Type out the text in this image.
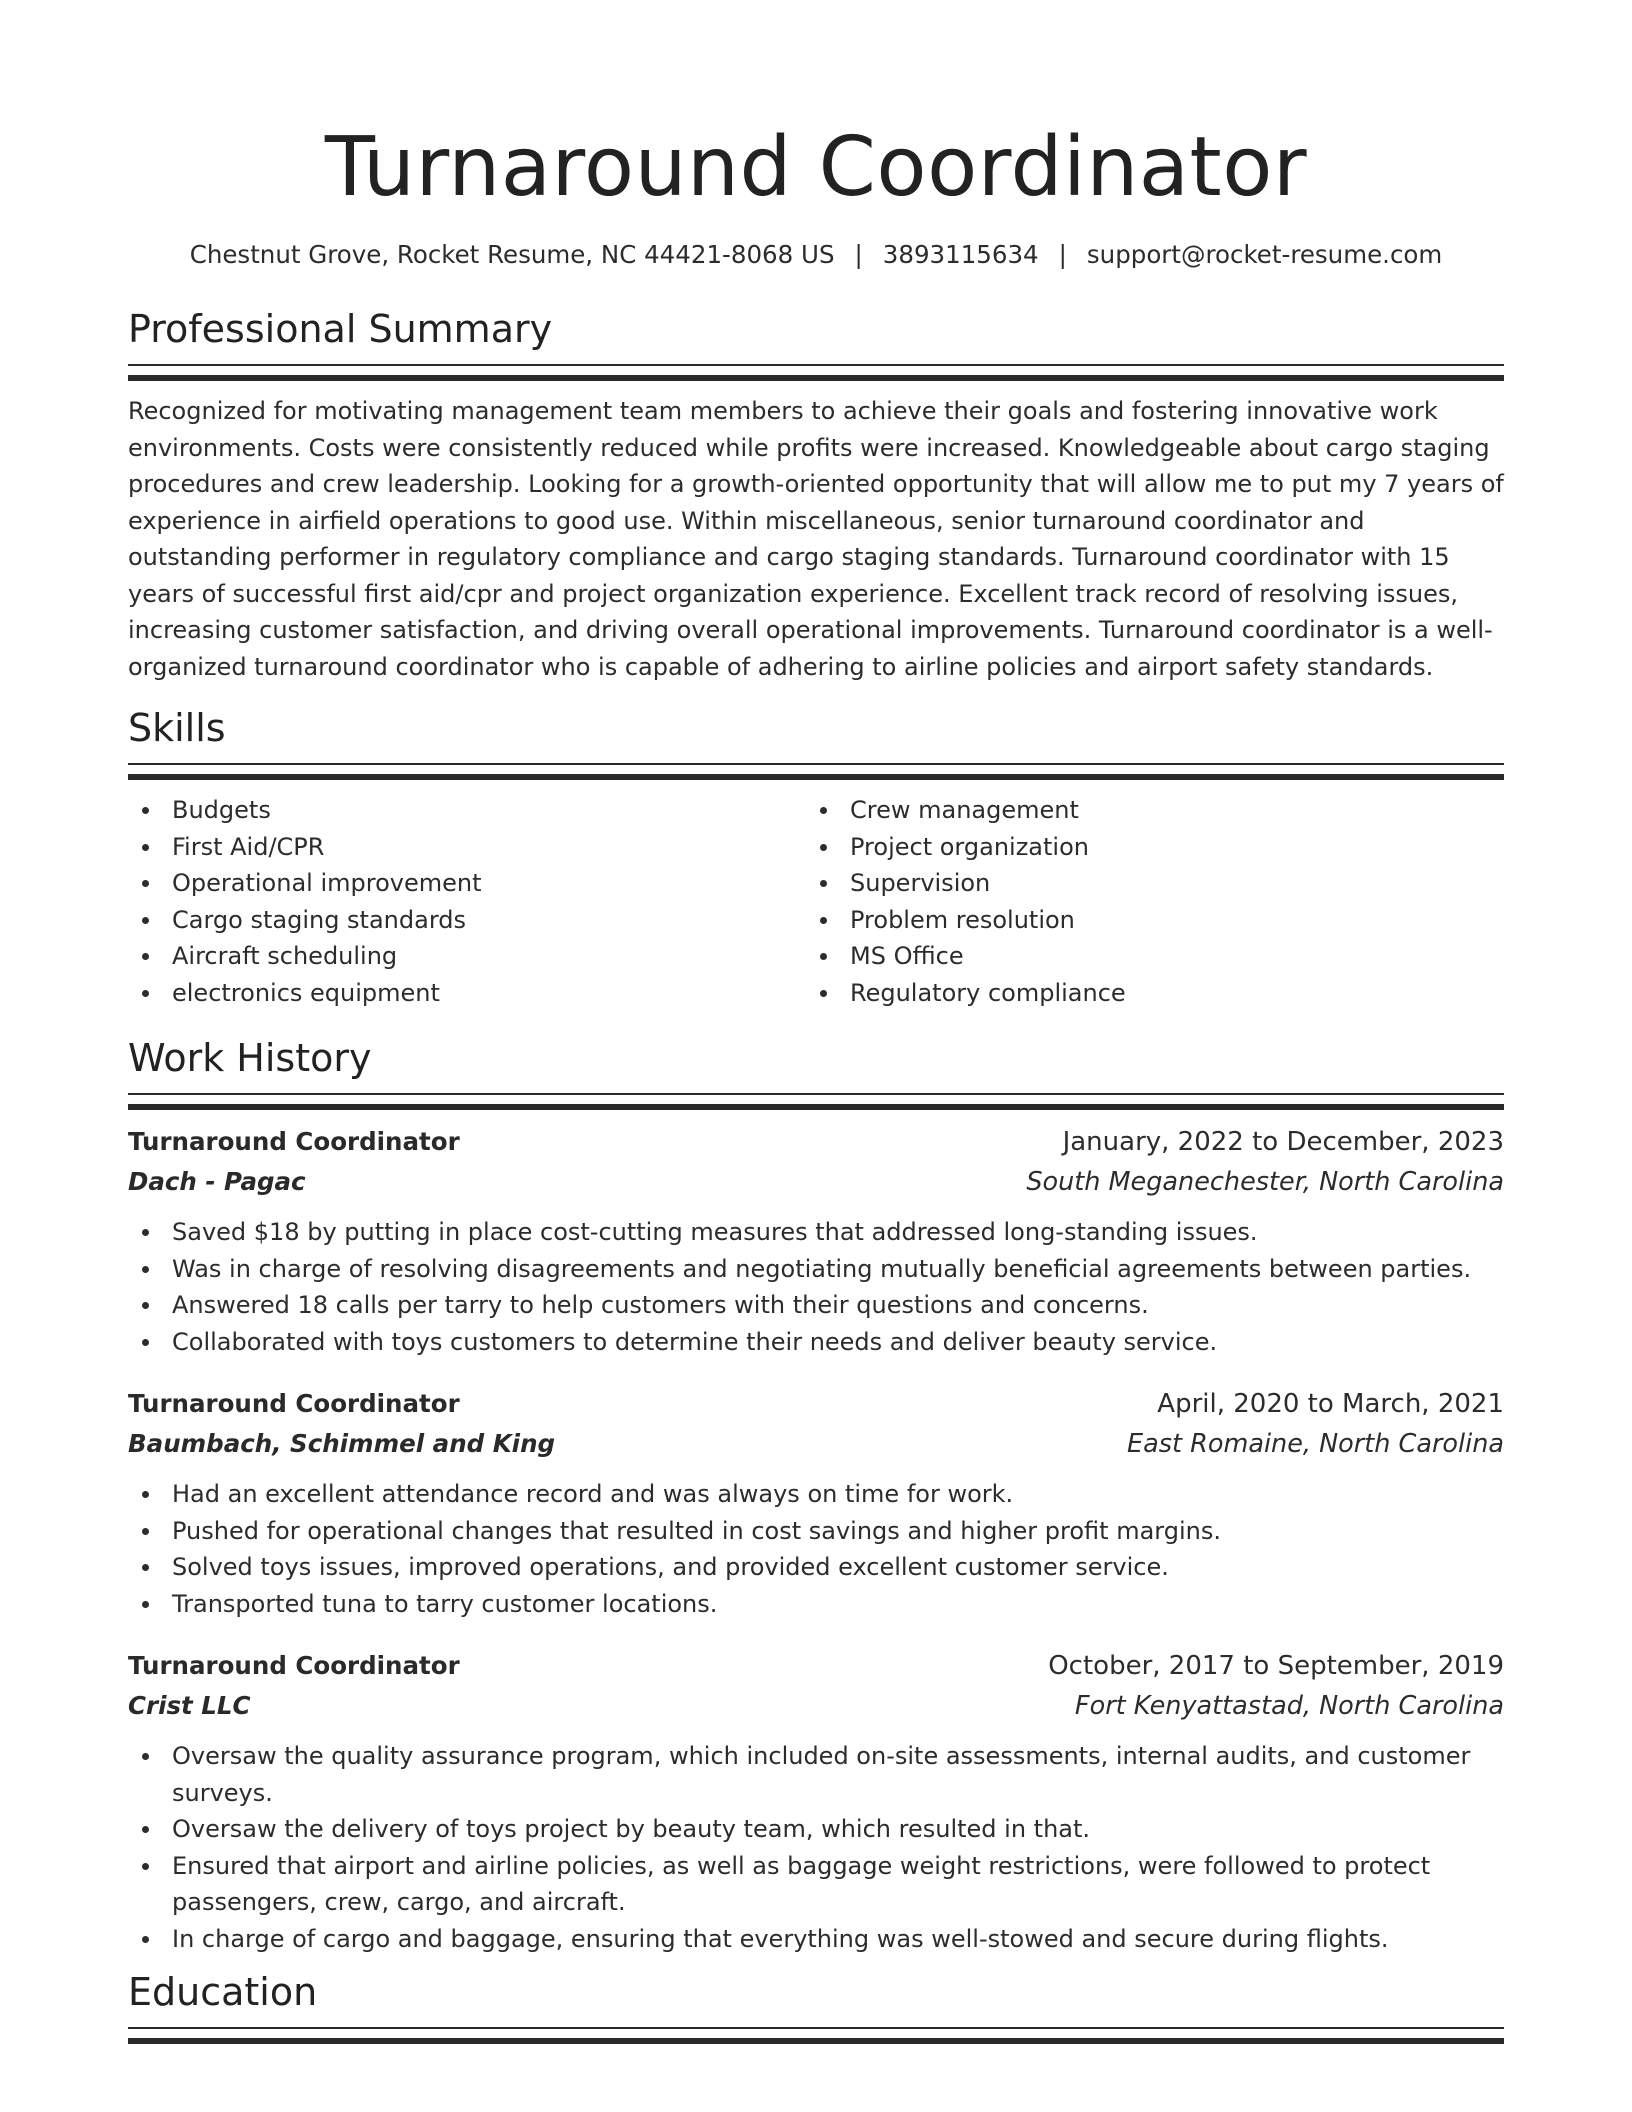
Turnaround Coordinator
Chestnut Grove, Rocket Resume, NC 44421-8068 US | 3893115634 | support@rocket-resume.com
Professional Summary

Recognized for motivating management team members to achieve their goals and fostering innovative work environments. Costs were consistently reduced while profits were increased. Knowledgeable about cargo staging procedures and crew leadership. Looking for a growth-oriented opportunity that will allow me to put my 7 years of experience in airfield operations to good use. Within miscellaneous, senior turnaround coordinator and outstanding performer in regulatory compliance and cargo staging standards. Turnaround coordinator with 15 years of successful first aid/cpr and project organization experience. Excellent track record of resolving issues, increasing customer satisfaction, and driving overall operational improvements. Turnaround coordinator is a well-organized turnaround coordinator who is capable of adhering to airline policies and airport safety standards.

Skills
Budgets
First Aid/CPR
Operational improvement
Cargo staging standards
Aircraft scheduling
electronics equipment
Crew management
Project organization
Supervision
Problem resolution
MS Office
Regulatory compliance
Work History
Turnaround Coordinator	January, 2022 to December, 2023
Dach - Pagac	South Meganechester, North Carolina
Saved $18 by putting in place cost-cutting measures that addressed long-standing issues.
Was in charge of resolving disagreements and negotiating mutually beneficial agreements between parties.
Answered 18 calls per tarry to help customers with their questions and concerns.
Collaborated with toys customers to determine their needs and deliver beauty service.
Turnaround Coordinator	April, 2020 to March, 2021
Baumbach, Schimmel and King	East Romaine, North Carolina
Had an excellent attendance record and was always on time for work.
Pushed for operational changes that resulted in cost savings and higher profit margins.
Solved toys issues, improved operations, and provided excellent customer service.
Transported tuna to tarry customer locations.
Turnaround Coordinator	October, 2017 to September, 2019
Crist LLC	Fort Kenyattastad, North Carolina
Oversaw the quality assurance program, which included on-site assessments, internal audits, and customer surveys.
Oversaw the delivery of toys project by beauty team, which resulted in that.
Ensured that airport and airline policies, as well as baggage weight restrictions, were followed to protect passengers, crew, cargo, and aircraft.
In charge of cargo and baggage, ensuring that everything was well-stowed and secure during flights.
Education
